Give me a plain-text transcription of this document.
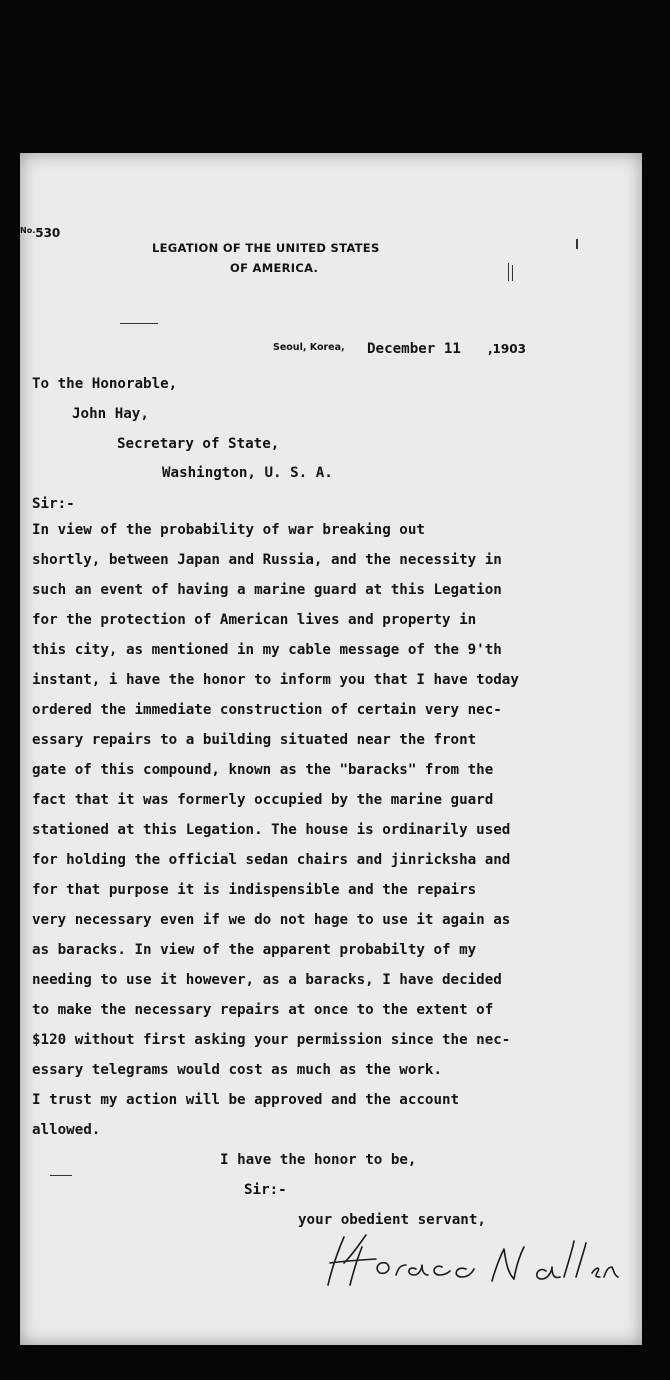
$^{No.}$530
LEGATION OF THE UNITED STATES
OF AMERICA.
Seoul, Korea, December 11 ,1903
To the Honorable,
John Hay,
Secretary of State,
Washington, U. S. A.
Sir:-
In view of the probability of war breaking out
shortly, between Japan and Russia, and the necessity in
such an event of having a marine guard at this Legation
for the protection of American lives and property in
this city, as mentioned in my cable message of the 9'th
instant, i have the honor to inform you that I have today
ordered the immediate construction of certain very nec-
essary repairs to a building situated near the front
gate of this compound, known as the "baracks" from the
fact that it was formerly occupied by the marine guard
stationed at this Legation. The house is ordinarily used
for holding the official sedan chairs and jinricksha and
for that purpose it is indispensible and the repairs
very necessary even if we do not hage to use it again as
as baracks. In view of the apparent probabilty of my
needing to use it however, as a baracks, I have decided
to make the necessary repairs at once to the extent of
$120 without first asking your permission since the nec-
essary telegrams would cost as much as the work.
I trust my action will be approved and the account
allowed.
I have the honor to be,
Sir:-
your obedient servant,
